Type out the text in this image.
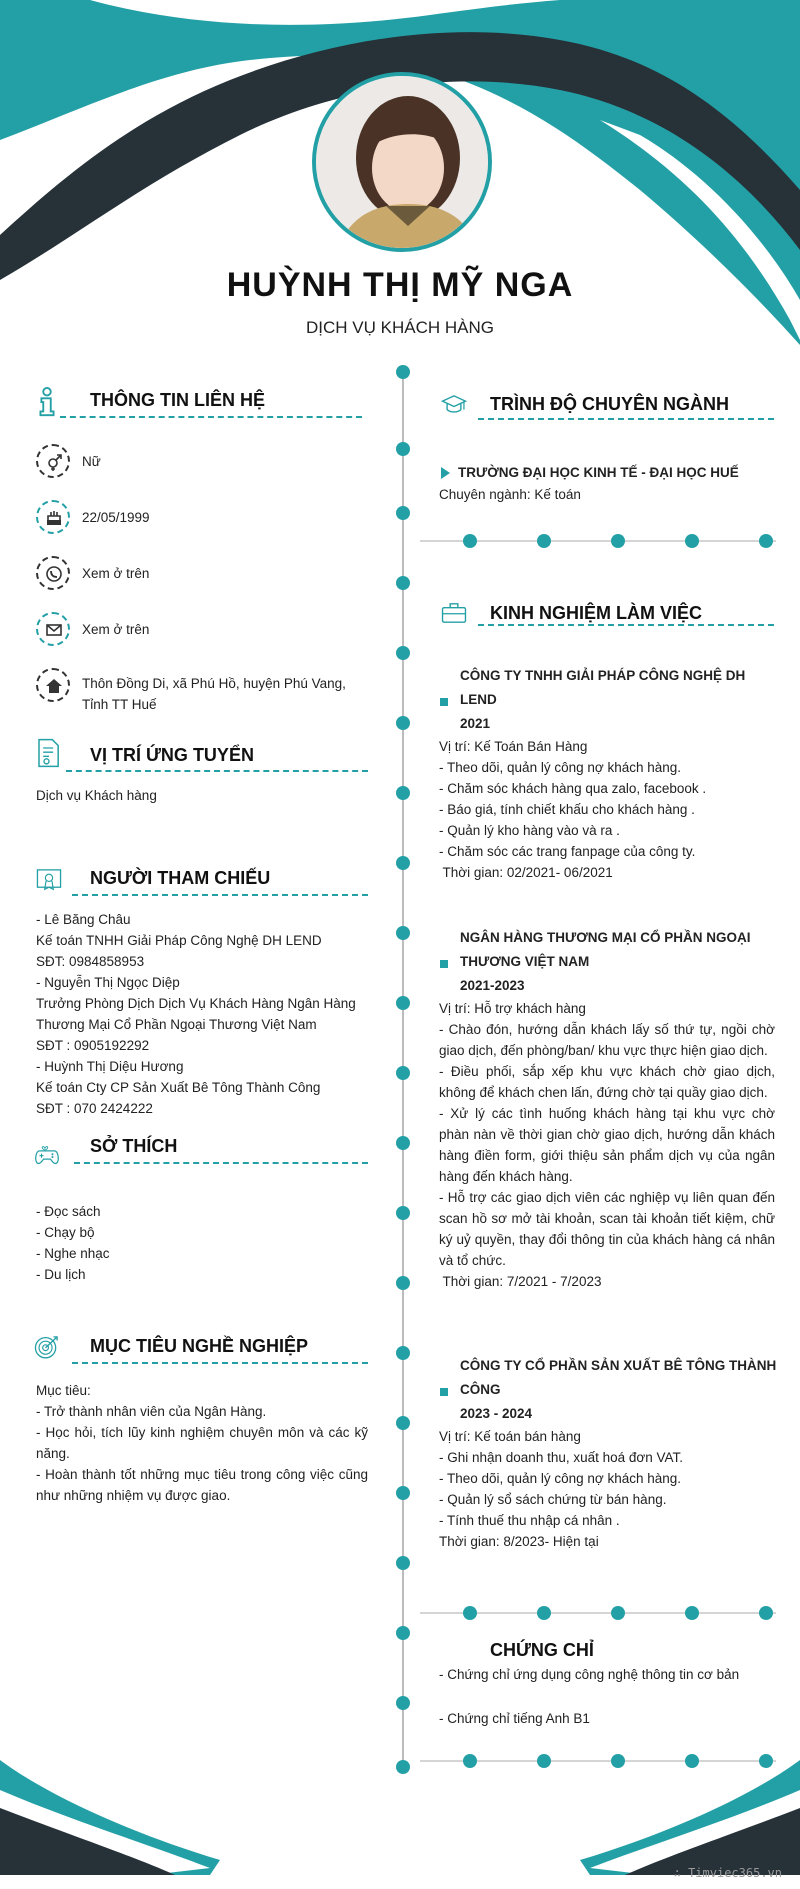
HUỲNH THỊ MỸ NGA
DỊCH VỤ KHÁCH HÀNG
THÔNG TIN LIÊN HỆ
Nữ
22/05/1999
Xem ở trên
Xem ở trên
Thôn Đồng Di, xã Phú Hồ, huyện Phú Vang, Tỉnh TT Huế
VỊ TRÍ ỨNG TUYỂN
Dịch vụ Khách hàng
NGƯỜI THAM CHIẾU
- Lê Băng Châu
Kế toán TNHH Giải Pháp Công Nghệ DH LEND
SĐT: 0984858953
- Nguyễn Thị Ngọc Diệp
Trưởng Phòng Dịch Dịch Vụ Khách Hàng Ngân Hàng Thương Mại Cổ Phần Ngoại Thương Việt Nam
SĐT : 0905192292
- Huỳnh Thị Diệu Hương
Kế toán Cty CP Sản Xuất Bê Tông Thành Công
SĐT : 070 2424222
SỞ THÍCH
- Đọc sách
- Chạy bộ
- Nghe nhạc
- Du lịch
MỤC TIÊU NGHỀ NGHIỆP
Mục tiêu:
- Trở thành nhân viên của Ngân Hàng.
- Học hỏi, tích lũy kinh nghiệm chuyên môn và các kỹ năng.
- Hoàn thành tốt những mục tiêu trong công việc cũng như những nhiệm vụ được giao.
TRÌNH ĐỘ CHUYÊN NGÀNH
TRƯỜNG ĐẠI HỌC KINH TẾ - ĐẠI HỌC HUẾ
Chuyên ngành: Kế toán
KINH NGHIỆM LÀM VIỆC
CÔNG TY TNHH GIẢI PHÁP CÔNG NGHỆ DH
LEND
2021
Vị trí: Kế Toán Bán Hàng
- Theo dõi, quản lý công nợ khách hàng.
- Chăm sóc khách hàng qua zalo, facebook .
- Báo giá, tính chiết khấu cho khách hàng .
- Quản lý kho hàng vào và ra .
- Chăm sóc các trang fanpage của công ty.
Thời gian: 02/2021- 06/2021
NGÂN HÀNG THƯƠNG MẠI CỔ PHẦN NGOẠI
THƯƠNG VIỆT NAM
2021-2023
Vị trí: Hỗ trợ khách hàng
- Chào đón, hướng dẫn khách lấy số thứ tự, ngồi chờ giao dịch, đến phòng/ban/ khu vực thực hiện giao dịch.
- Điều phối, sắp xếp khu vực khách chờ giao dịch, không để khách chen lấn, đứng chờ tại quầy giao dịch.
- Xử lý các tình huống khách hàng tại khu vực chờ phàn nàn về thời gian chờ giao dịch, hướng dẫn khách hàng điền form, giới thiệu sản phẩm dịch vụ của ngân hàng đến khách hàng.
- Hỗ trợ các giao dịch viên các nghiệp vụ liên quan đến scan hồ sơ mở tài khoản, scan tài khoản tiết kiệm, chữ ký uỷ quyền, thay đổi thông tin của khách hàng cá nhân và tổ chức.
Thời gian: 7/2021 - 7/2023
CÔNG TY CỔ PHẦN SẢN XUẤT BÊ TÔNG THÀNH
CÔNG
2023 - 2024
Vị trí: Kế toán bán hàng
- Ghi nhận doanh thu, xuất hoá đơn VAT.
- Theo dõi, quản lý công nợ khách hàng.
- Quản lý sổ sách chứng từ bán hàng.
- Tính thuế thu nhập cá nhân .
Thời gian: 8/2023- Hiện tại
CHỨNG CHỈ
- Chứng chỉ ứng dụng công nghệ thông tin cơ bản
- Chứng chỉ tiếng Anh B1
∴ Timviec365.vn
